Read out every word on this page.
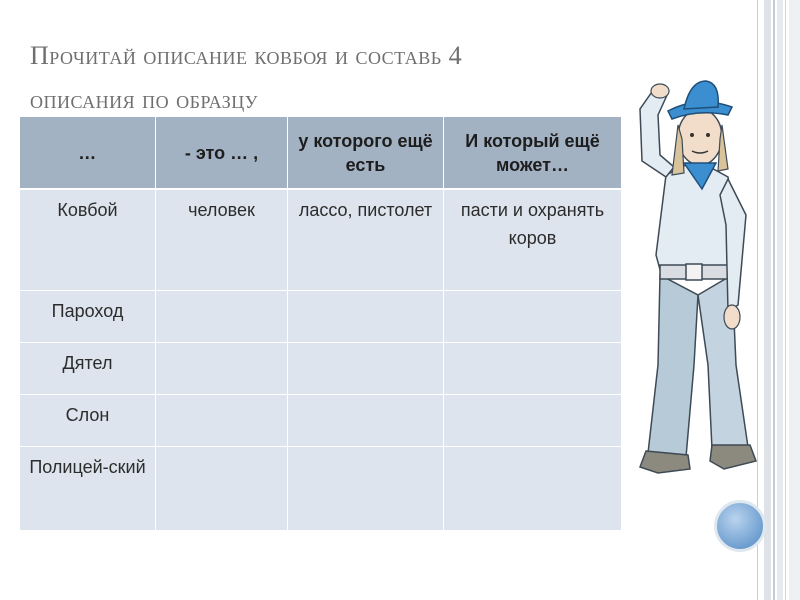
Прочитай описание ковбоя и составь 4
описания по образцу
…	- это … ,	у которого ещё есть	И который ещё может…
Ковбой	человек	лассо, пистолет	пасти и охранять коров
Пароход			
Дятел			
Слон			
Полицей-ский			
